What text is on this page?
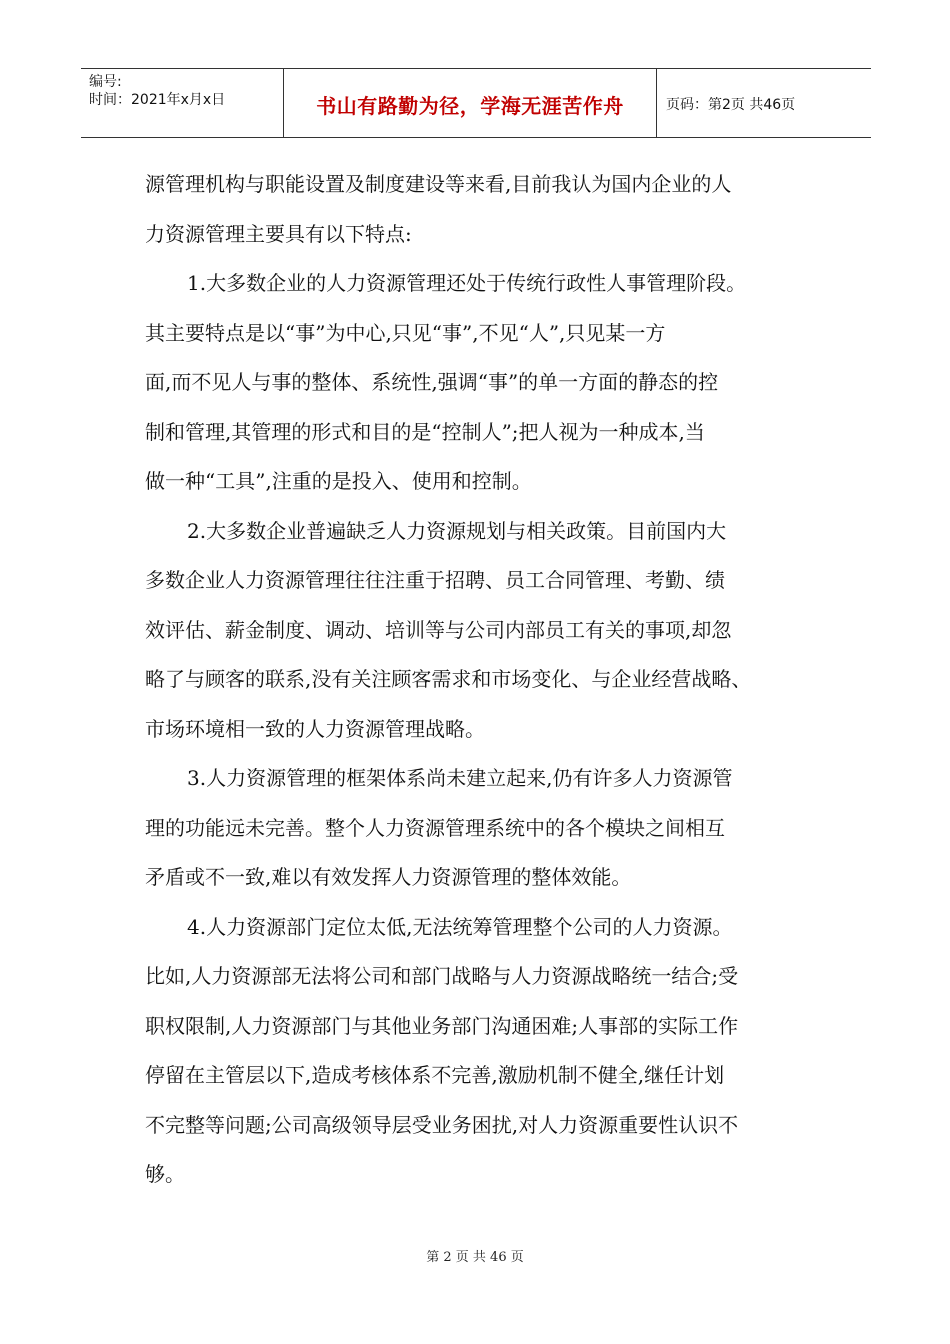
编号:
时间：2021年x月x日	书山有路勤为径，学海无涯苦作舟	页码：第2页 共46页
源管理机构与职能设置及制度建设等来看,目前我认为国内企业的人
力资源管理主要具有以下特点:
1.大多数企业的人力资源管理还处于传统行政性人事管理阶段。
其主要特点是以“事”为中心,只见“事”,不见“人”,只见某一方
面,而不见人与事的整体、系统性,强调“事”的单一方面的静态的控
制和管理,其管理的形式和目的是“控制人”;把人视为一种成本,当
做一种“工具”,注重的是投入、使用和控制。
2.大多数企业普遍缺乏人力资源规划与相关政策。目前国内大
多数企业人力资源管理往往注重于招聘、员工合同管理、考勤、绩
效评估、薪金制度、调动、培训等与公司内部员工有关的事项,却忽
略了与顾客的联系,没有关注顾客需求和市场变化、与企业经营战略、
市场环境相一致的人力资源管理战略。
3.人力资源管理的框架体系尚未建立起来,仍有许多人力资源管
理的功能远未完善。整个人力资源管理系统中的各个模块之间相互
矛盾或不一致,难以有效发挥人力资源管理的整体效能。
4.人力资源部门定位太低,无法统筹管理整个公司的人力资源。
比如,人力资源部无法将公司和部门战略与人力资源战略统一结合;受
职权限制,人力资源部门与其他业务部门沟通困难;人事部的实际工作
停留在主管层以下,造成考核体系不完善,激励机制不健全,继任计划
不完整等问题;公司高级领导层受业务困扰,对人力资源重要性认识不
够。
第 2 页 共 46 页
